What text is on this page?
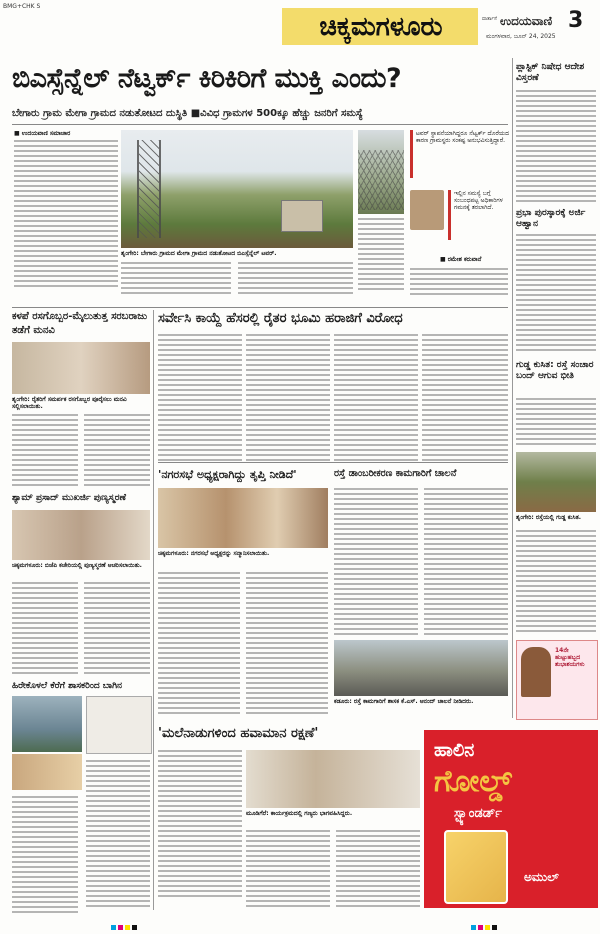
BMG+CHK S
ಚಿಕ್ಕಮಗಳೂರು	3
ವಾರ್ತಾಸೆ ಉದಯವಾಣಿ
ಮಂಗಳವಾರ, ಜೂನ್ 24, 2025
ಬಿಎಸ್ಸೆನ್ನೆಲ್ ನೆಟ್ವರ್ಕ್ ಕಿರಿಕಿರಿಗೆ ಮುಕ್ತಿ ಎಂದು?
ಬೇಗಾರು ಗ್ರಾಮ ಮೇಗಾ ಗ್ರಾಮದ ನಡುತೋಟದ ದುಸ್ಥಿತಿ ■ವಿವಿಧ ಗ್ರಾಮಗಳ 500ಕ್ಕೂ ಹೆಚ್ಚು ಜನರಿಗೆ ಸಮಸ್ಯೆ
■ ಉದಯವಾಣಿ ಸಮಾಚಾರ
ಶೃಂಗೇರಿ: ಬೇಗಾರು ಗ್ರಾಮದ ಮೇಗಾ ಗ್ರಾಮದ ನಡುತೋಟದ ಬಿಎಸ್ಸೆನ್ನೆಲ್ ಟವರ್.
ಟವರ್ ಸ್ಥಾಪನೆಯಾಗಿದ್ದರೂ ನೆಟ್ವರ್ಕ್ ದೊರೆಯದ ಕಾರಣ ಗ್ರಾಮಸ್ಥರು ಸಂಕಷ್ಟ ಅನುಭವಿಸುತ್ತಿದ್ದಾರೆ.
ಇಲ್ಲಿನ ಸಮಸ್ಯೆ ಬಗ್ಗೆ ಸಂಬಂಧಪಟ್ಟ ಅಧಿಕಾರಿಗಳ ಗಮನಕ್ಕೆ ತರಲಾಗಿದೆ.
■ ರಮೇಶ ಕರುವಾನೆ
ಪ್ಲಾಸ್ಟಿಕ್ ನಿಷೇಧ ಆದೇಶ ವಿಸ್ತರಣೆ
ಪ್ರಭಾ ಪುರಸ್ಕಾರಕ್ಕೆ ಅರ್ಜಿ ಆಹ್ವಾನ
ಗುಡ್ಡ ಕುಸಿತ: ರಸ್ತೆ ಸಂಚಾರ ಬಂದ್ ಆಗುವ ಭೀತಿ
ಶೃಂಗೇರಿ: ರಸ್ತೆಯಲ್ಲಿ ಗುಡ್ಡ ಕುಸಿತ.
14ನೇ ಹುಟ್ಟುಹಬ್ಬದ ಶುಭಾಶಯಗಳು
ಕಳಪೆ ರಸಗೊಬ್ಬರ-ಮೈಲುತುತ್ತ ಸರಬರಾಜು ತಡೆಗೆ ಮನವಿ
ಶೃಂಗೇರಿ: ರೈತರಿಗೆ ಸಮರ್ಪಕ ರಸಗೊಬ್ಬರ ಪೂರೈಸಲು ಮನವಿ ಸಲ್ಲಿಸಲಾಯಿತು.
ಶ್ಯಾಮ್ ಪ್ರಸಾದ್ ಮುಖರ್ಜಿ ಪುಣ್ಯಸ್ಮರಣೆ
ಚಿಕ್ಕಮಗಳೂರು: ಬಿಜೆಪಿ ಕಚೇರಿಯಲ್ಲಿ ಪುಣ್ಯಸ್ಮರಣೆ ಆಚರಿಸಲಾಯಿತು.
ಹಿರೇಕೊಳಲೆ ಕೆರೆಗೆ ಶಾಸಕರಿಂದ ಬಾಗಿನ
ಸರ್ವೇಸಿ ಕಾಯ್ದೆ ಹೆಸರಲ್ಲಿ ರೈತರ ಭೂಮಿ ಹರಾಜಿಗೆ ವಿರೋಧ
'ನಗರಸಭೆ ಅಧ್ಯಕ್ಷರಾಗಿದ್ದು ತೃಪ್ತಿ ನೀಡಿದೆ'
ಚಿಕ್ಕಮಗಳೂರು: ನಗರಸಭೆ ಅಧ್ಯಕ್ಷರನ್ನು ಸನ್ಮಾನಿಸಲಾಯಿತು.
ರಸ್ತೆ ಡಾಂಬರೀಕರಣ ಕಾಮಗಾರಿಗೆ ಚಾಲನೆ
ಕಡೂರು: ರಸ್ತೆ ಕಾಮಗಾರಿಗೆ ಶಾಸಕ ಕೆ.ಎಸ್. ಆನಂದ್ ಚಾಲನೆ ನೀಡಿದರು.
'ಮಲೆನಾಡುಗಳಿಂದ ಹವಾಮಾನ ರಕ್ಷಣೆ'
ಮೂಡಿಗೆರೆ: ಕಾರ್ಯಕ್ರಮದಲ್ಲಿ ಗಣ್ಯರು ಭಾಗವಹಿಸಿದ್ದರು.
ಹಾಲಿನ
ಗೋಲ್ಡ್
ಸ್ಟ್ಯಾಂಡರ್ಡ್
ಅಮುಲ್
